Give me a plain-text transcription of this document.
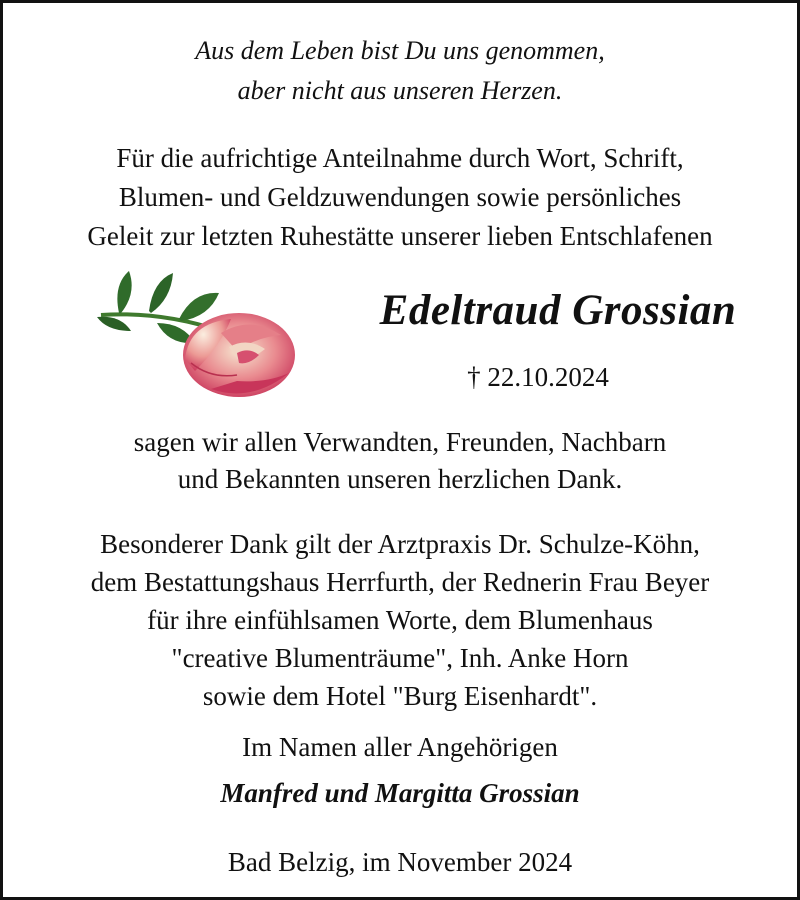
Aus dem Leben bist Du uns genommen,
aber nicht aus unseren Herzen.
Für die aufrichtige Anteilnahme durch Wort, Schrift,
Blumen- und Geldzuwendungen sowie persönliches
Geleit zur letzten Ruhestätte unserer lieben Entschlafenen
Edeltraud Grossian
† 22.10.2024
sagen wir allen Verwandten, Freunden, Nachbarn
und Bekannten unseren herzlichen Dank.
Besonderer Dank gilt der Arztpraxis Dr. Schulze-Köhn,
dem Bestattungshaus Herrfurth, der Rednerin Frau Beyer
für ihre einfühlsamen Worte, dem Blumenhaus
"creative Blumenträume", Inh. Anke Horn
sowie dem Hotel "Burg Eisenhardt".
Im Namen aller Angehörigen
Manfred und Margitta Grossian
Bad Belzig, im November 2024
